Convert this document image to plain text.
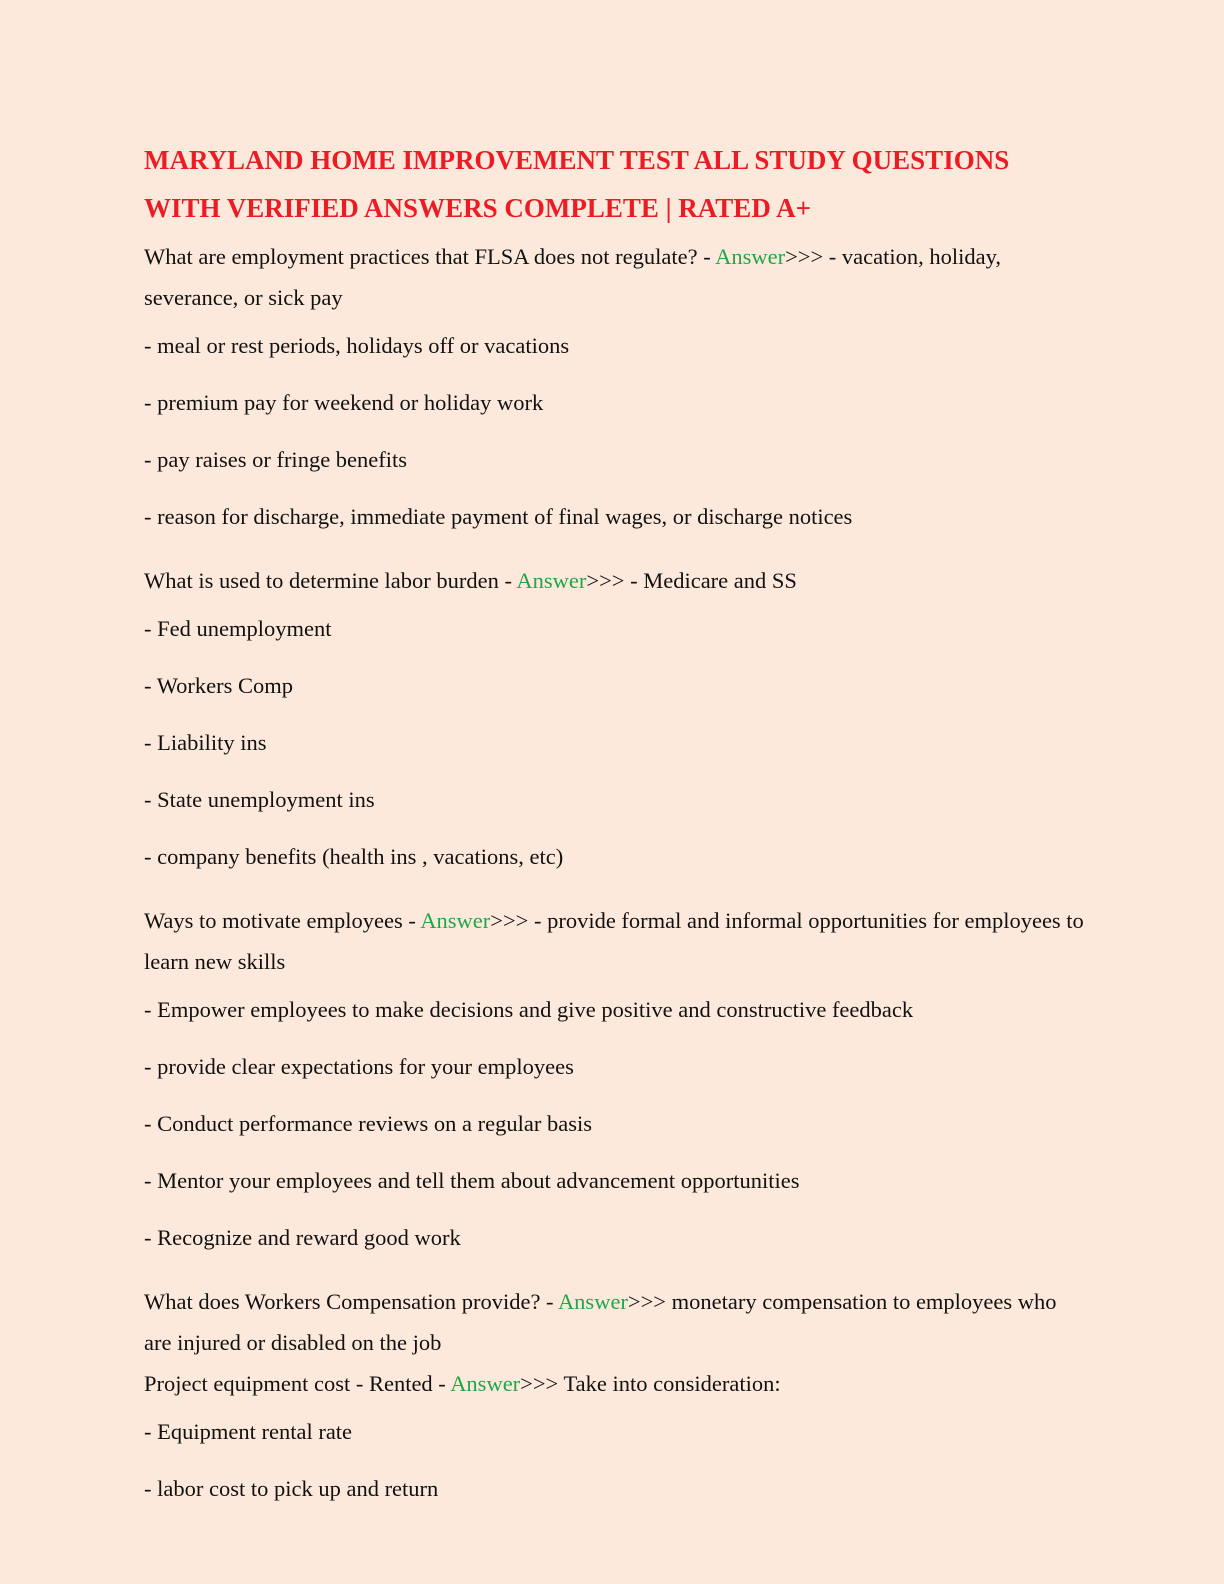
MARYLAND HOME IMPROVEMENT TEST ALL STUDY QUESTIONS WITH VERIFIED ANSWERS COMPLETE | RATED A+

What are employment practices that FLSA does not regulate? - Answer>>> - vacation, holiday, severance, or sick pay

- meal or rest periods, holidays off or vacations

- premium pay for weekend or holiday work

- pay raises or fringe benefits

- reason for discharge, immediate payment of final wages, or discharge notices

What is used to determine labor burden - Answer>>> - Medicare and SS

- Fed unemployment

- Workers Comp

- Liability ins

- State unemployment ins

- company benefits (health ins , vacations, etc)

Ways to motivate employees - Answer>>> - provide formal and informal opportunities for employees to learn new skills

- Empower employees to make decisions and give positive and constructive feedback

- provide clear expectations for your employees

- Conduct performance reviews on a regular basis

- Mentor your employees and tell them about advancement opportunities

- Recognize and reward good work

What does Workers Compensation provide? - Answer>>> monetary compensation to employees who are injured or disabled on the job

Project equipment cost - Rented - Answer>>> Take into consideration:

- Equipment rental rate

- labor cost to pick up and return
